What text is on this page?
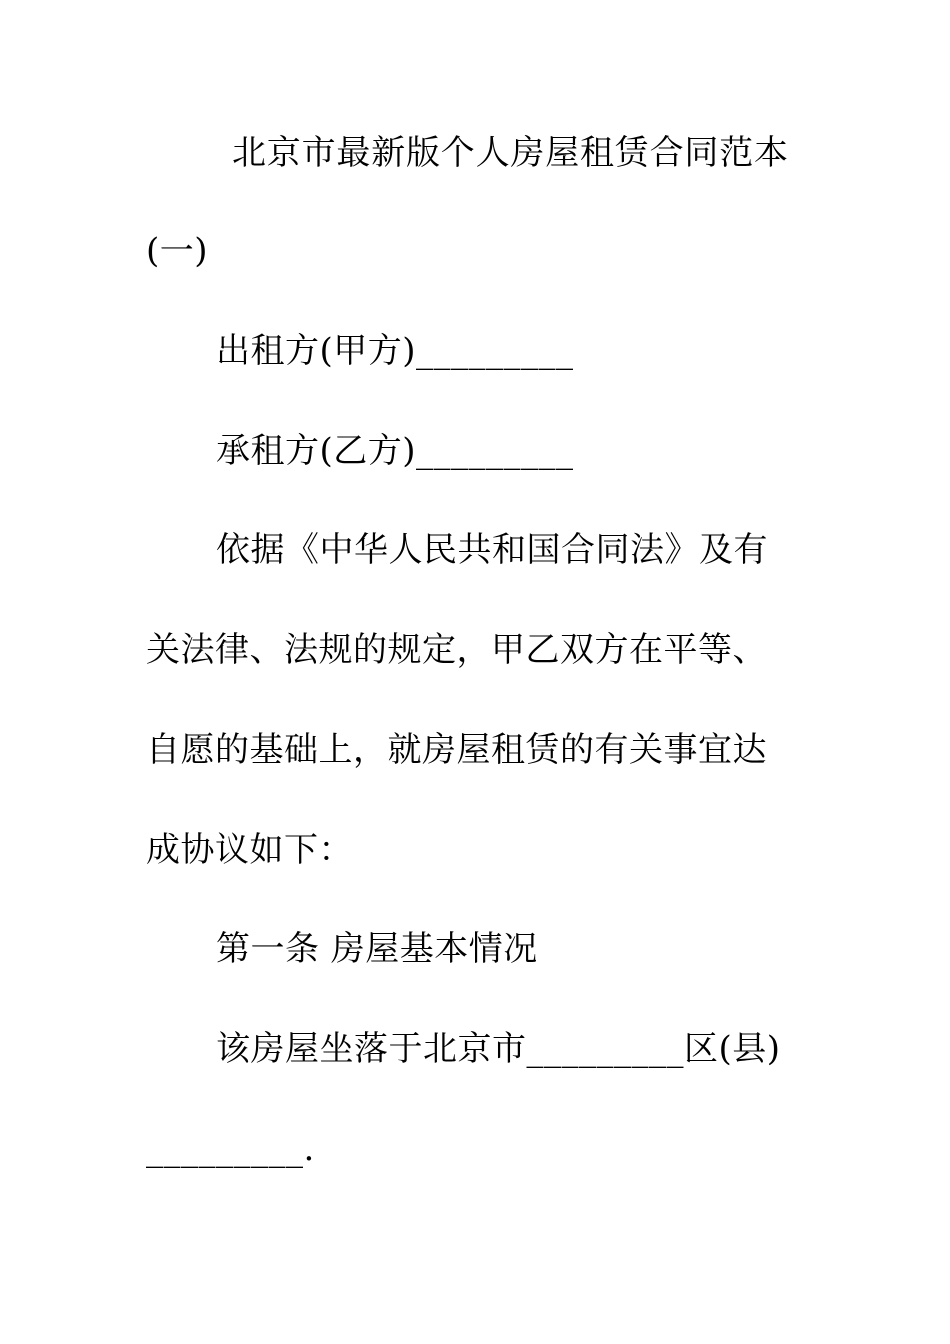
北京市最新版个人房屋租赁合同范本
(一)
出租方(甲方)_________
承租方(乙方)_________
依据《中华人民共和国合同法》及有
关法律、法规的规定，甲乙双方在平等、
自愿的基础上，就房屋租赁的有关事宜达
成协议如下：
第一条 房屋基本情况
该房屋坐落于北京市_________区(县)
_________.
